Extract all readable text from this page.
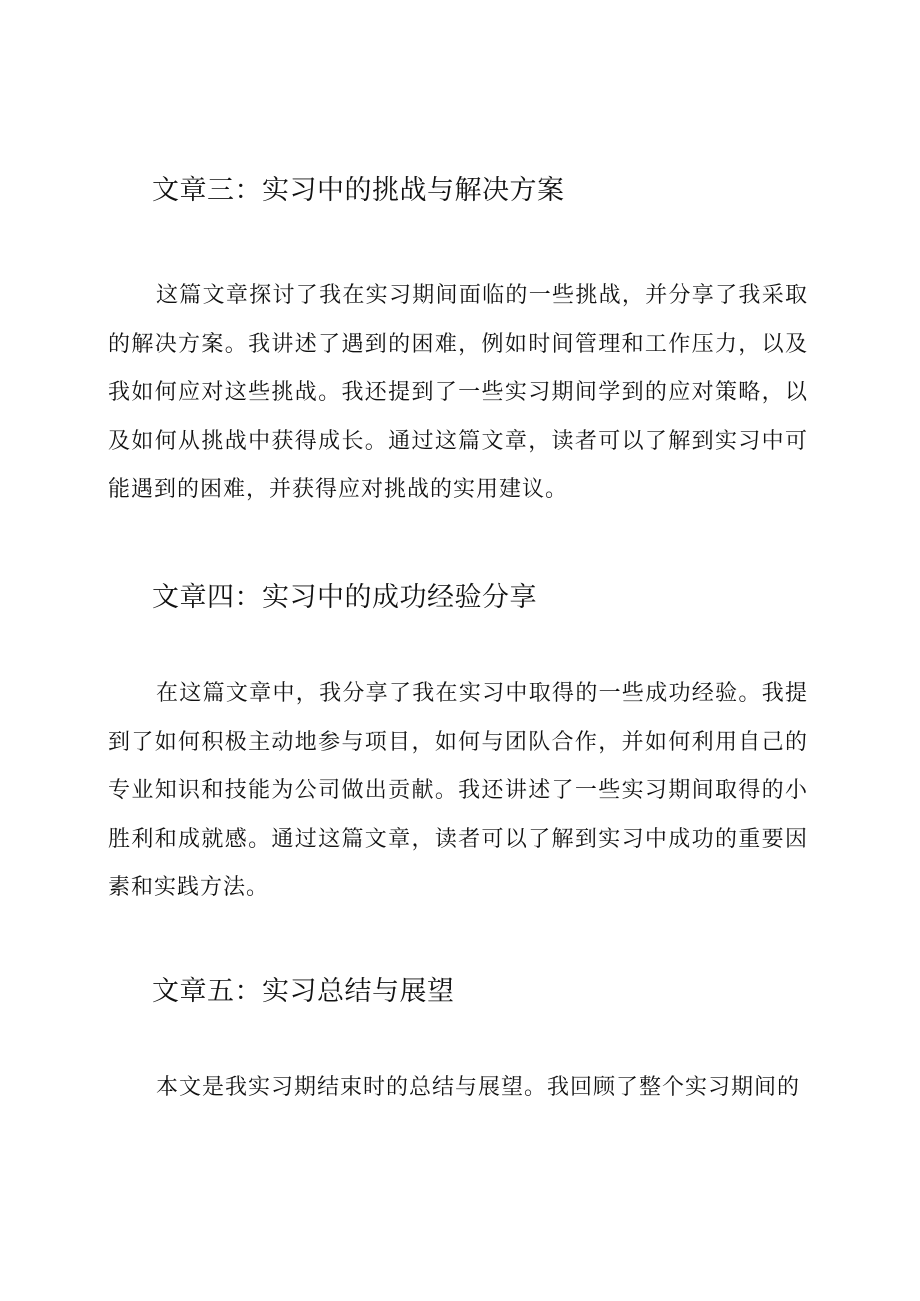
文章三：实习中的挑战与解决方案

这篇文章探讨了我在实习期间面临的一些挑战，并分享了我采取的解决方案。我讲述了遇到的困难，例如时间管理和工作压力，以及我如何应对这些挑战。我还提到了一些实习期间学到的应对策略，以及如何从挑战中获得成长。通过这篇文章，读者可以了解到实习中可能遇到的困难，并获得应对挑战的实用建议。

文章四：实习中的成功经验分享

在这篇文章中，我分享了我在实习中取得的一些成功经验。我提到了如何积极主动地参与项目，如何与团队合作，并如何利用自己的专业知识和技能为公司做出贡献。我还讲述了一些实习期间取得的小胜利和成就感。通过这篇文章，读者可以了解到实习中成功的重要因素和实践方法。

文章五：实习总结与展望

本文是我实习期结束时的总结与展望。我回顾了整个实习期间的
